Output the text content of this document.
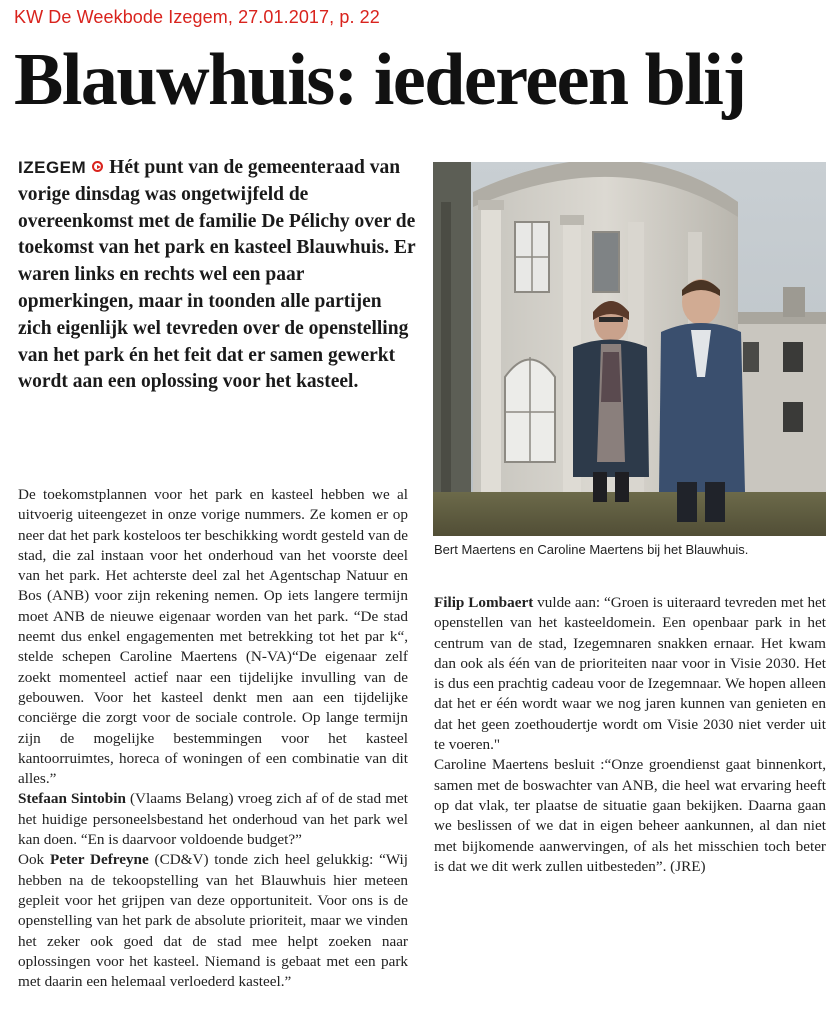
KW De Weekbode Izegem, 27.01.2017, p. 22
Blauwhuis: iedereen blij
IZEGEM Hét punt van de gemeenteraad van vorige dinsdag was ongetwijfeld de overeenkomst met de familie De Pélichy over de toekomst van het park en kasteel Blauwhuis. Er waren links en rechts wel een paar opmerkingen, maar in toonden alle partijen zich eigenlijk wel tevreden over de openstelling van het park én het feit dat er samen gewerkt wordt aan een oplossing voor het kasteel.
Bert Maertens en Caroline Maertens bij het Blauwhuis.

De toekomstplannen voor het park en kasteel hebben we al uitvoerig uiteengezet in onze vorige nummers. Ze komen er op neer dat het park kosteloos ter beschikking wordt gesteld van de stad, die zal instaan voor het onderhoud van het voorste deel van het park. Het achterste deel zal het Agentschap Natuur en Bos (ANB) voor zijn rekening nemen. Op iets langere termijn moet ANB de nieuwe eigenaar worden van het park. “De stad neemt dus enkel engagementen met betrekking tot het par k“, stelde schepen Caroline Maertens (N-VA)“De eigenaar zelf zoekt momenteel actief naar een tijdelijke invulling van de gebouwen. Voor het kasteel denkt men aan een tijdelijke conciërge die zorgt voor de sociale controle. Op lange termijn zijn de mogelijke bestemmingen voor het kasteel kantoorruimtes, horeca of woningen of een combinatie van dit alles.”

Stefaan Sintobin (Vlaams Belang) vroeg zich af of de stad met het huidige personeelsbestand het onderhoud van het park wel kan doen. “En is daarvoor voldoende budget?”

Ook Peter Defreyne (CD&V) tonde zich heel gelukkig: “Wij hebben na de tekoopstelling van het Blauwhuis hier meteen gepleit voor het grijpen van deze opportuniteit. Voor ons is de openstelling van het park de absolute prioriteit, maar we vinden het zeker ook goed dat de stad mee helpt zoeken naar oplossingen voor het kasteel. Niemand is gebaat met een park met daarin een helemaal verloederd kasteel.”

Filip Lombaert vulde aan: “Groen is uiteraard tevreden met het openstellen van het kasteeldomein. Een openbaar park in het centrum van de stad, Izegemnaren snakken ernaar. Het kwam dan ook als één van de prioriteiten naar voor in Visie 2030. Het is dus een prachtig cadeau voor de Izegemnaar. We hopen alleen dat het er één wordt waar we nog jaren kunnen van genieten en dat het geen zoethoudertje wordt om Visie 2030 niet verder uit te voeren."

Caroline Maertens besluit :“Onze groendienst gaat binnenkort, samen met de boswachter van ANB, die heel wat ervaring heeft op dat vlak, ter plaatse de situatie gaan bekijken. Daarna gaan we beslissen of we dat in eigen beheer aankunnen, al dan niet met bijkomende aanwervingen, of als het misschien toch beter is dat we dit werk zullen uitbesteden”. (JRE)
